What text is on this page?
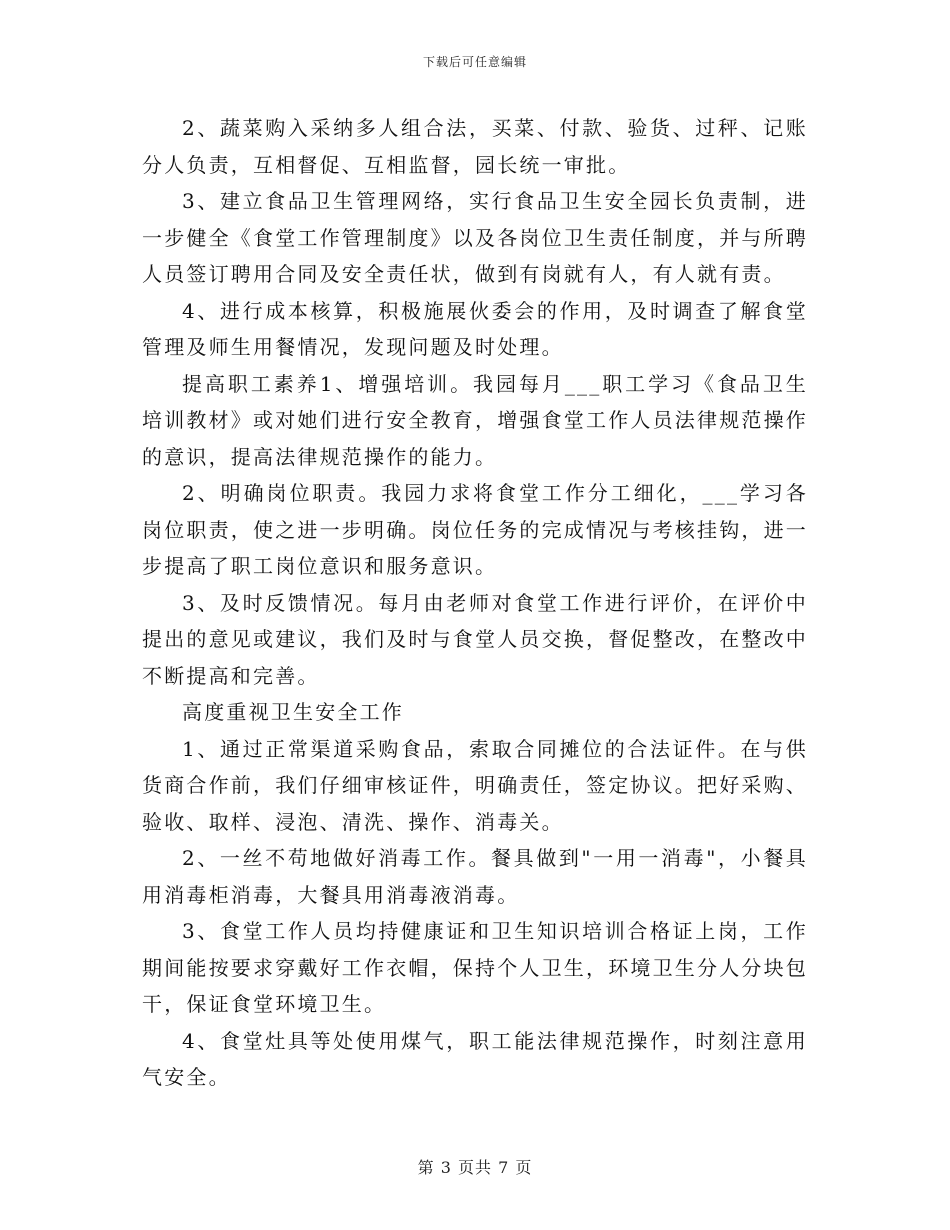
下载后可任意编辑

2、蔬菜购入采纳多人组合法，买菜、付款、验货、过秤、记账分人负责，互相督促、互相监督，园长统一审批。

3、建立食品卫生管理网络，实行食品卫生安全园长负责制，进一步健全《食堂工作管理制度》以及各岗位卫生责任制度，并与所聘人员签订聘用合同及安全责任状，做到有岗就有人，有人就有责。

4、进行成本核算，积极施展伙委会的作用，及时调查了解食堂管理及师生用餐情况，发现问题及时处理。

提高职工素养1、增强培训。我园每月___职工学习《食品卫生培训教材》或对她们进行安全教育，增强食堂工作人员法律规范操作的意识，提高法律规范操作的能力。

2、明确岗位职责。我园力求将食堂工作分工细化，___学习各岗位职责，使之进一步明确。岗位任务的完成情况与考核挂钩，进一步提高了职工岗位意识和服务意识。

3、及时反馈情况。每月由老师对食堂工作进行评价，在评价中提出的意见或建议，我们及时与食堂人员交换，督促整改，在整改中不断提高和完善。

高度重视卫生安全工作

1、通过正常渠道采购食品，索取合同摊位的合法证件。在与供货商合作前，我们仔细审核证件，明确责任，签定协议。把好采购、验收、取样、浸泡、清洗、操作、消毒关。

2、一丝不苟地做好消毒工作。餐具做到"一用一消毒"，小餐具用消毒柜消毒，大餐具用消毒液消毒。

3、食堂工作人员均持健康证和卫生知识培训合格证上岗，工作期间能按要求穿戴好工作衣帽，保持个人卫生，环境卫生分人分块包干，保证食堂环境卫生。

4、食堂灶具等处使用煤气，职工能法律规范操作，时刻注意用气安全。

第 3 页共 7 页
